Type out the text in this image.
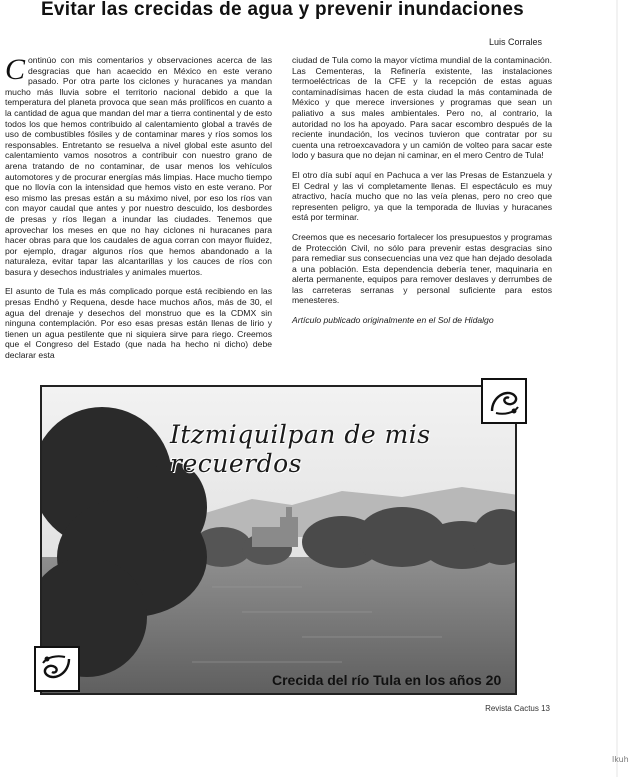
Evitar las crecidas de agua y prevenir inundaciones
Luis Corrales

Continúo con mis comentarios y observaciones acerca de las desgracias que han acaecido en México en este verano pasado. Por otra parte los ciclones y huracanes ya mandan mucho más lluvia sobre el territorio nacional debido a que la temperatura del planeta provoca que sean más prolíficos en cuanto a la cantidad de agua que mandan del mar a tierra continental y de esto todos los que hemos contribuido al calentamiento global a través de uso de combustibles fósiles y de contaminar mares y ríos somos los responsables. Entretanto se resuelva a nivel global este asunto del calentamiento vamos nosotros a contribuir con nuestro grano de arena tratando de no contaminar, de usar menos los vehículos automotores y de procurar energías más limpias. Hace mucho tiempo que no llovía con la intensidad que hemos visto en este verano. Por eso mismo las presas están a su máximo nivel, por eso los ríos van con mayor caudal que antes y por nuestro descuido, los desbordes de presas y ríos llegan a inundar las ciudades. Tenemos que aprovechar los meses en que no hay ciclones ni huracanes para hacer obras para que los caudales de agua corran con mayor fluidez, por ejemplo, dragar algunos ríos que hemos abandonado a la naturaleza, evitar tapar las alcantarillas y los cauces de ríos con basura y desechos industriales y animales muertos.

El asunto de Tula es más complicado porque está recibiendo en las presas Endhó y Requena, desde hace muchos años, más de 30, el agua del drenaje y desechos del monstruo que es la CDMX sin ninguna contemplación. Por eso esas presas están llenas de lirio y tienen un agua pestilente que ni siquiera sirve para riego. Creemos que el Congreso del Estado (que nada ha hecho ni dicho) debe declarar esta

ciudad de Tula como la mayor víctima mundial de la contaminación. Las Cementeras, la Refinería existente, las instalaciones termoeléctricas de la CFE y la recepción de estas aguas contaminadísimas hacen de esta ciudad la más contaminada de México y que merece inversiones y programas que sean un paliativo a sus males ambientales. Pero no, al contrario, la autoridad no los ha apoyado. Para sacar escombro después de la reciente inundación, los vecinos tuvieron que contratar por su cuenta una retroexcavadora y un camión de volteo para sacar este lodo y basura que no dejan ni caminar, en el mero Centro de Tula!

El otro día subí aquí en Pachuca a ver las Presas de Estanzuela y El Cedral y las vi completamente llenas. El espectáculo es muy atractivo, hacía mucho que no las veía plenas, pero no creo que representen peligro, ya que la temporada de lluvias y huracanes está por terminar.

Creemos que es necesario fortalecer los presupuestos y programas de Protección Civil, no sólo para prevenir estas desgracias sino para remediar sus consecuencias una vez que han dejado desolada a una población. Esta dependencia debería tener, maquinaria en alerta permanente, equipos para remover deslaves y derrumbes de las carreteras serranas y personal suficiente para estos menesteres.

Artículo publicado originalmente en el Sol de Hidalgo

Itzmiquilpan de mis recuerdos
Crecida del río Tula en los años 20
Revista Cactus 13
lkuh
